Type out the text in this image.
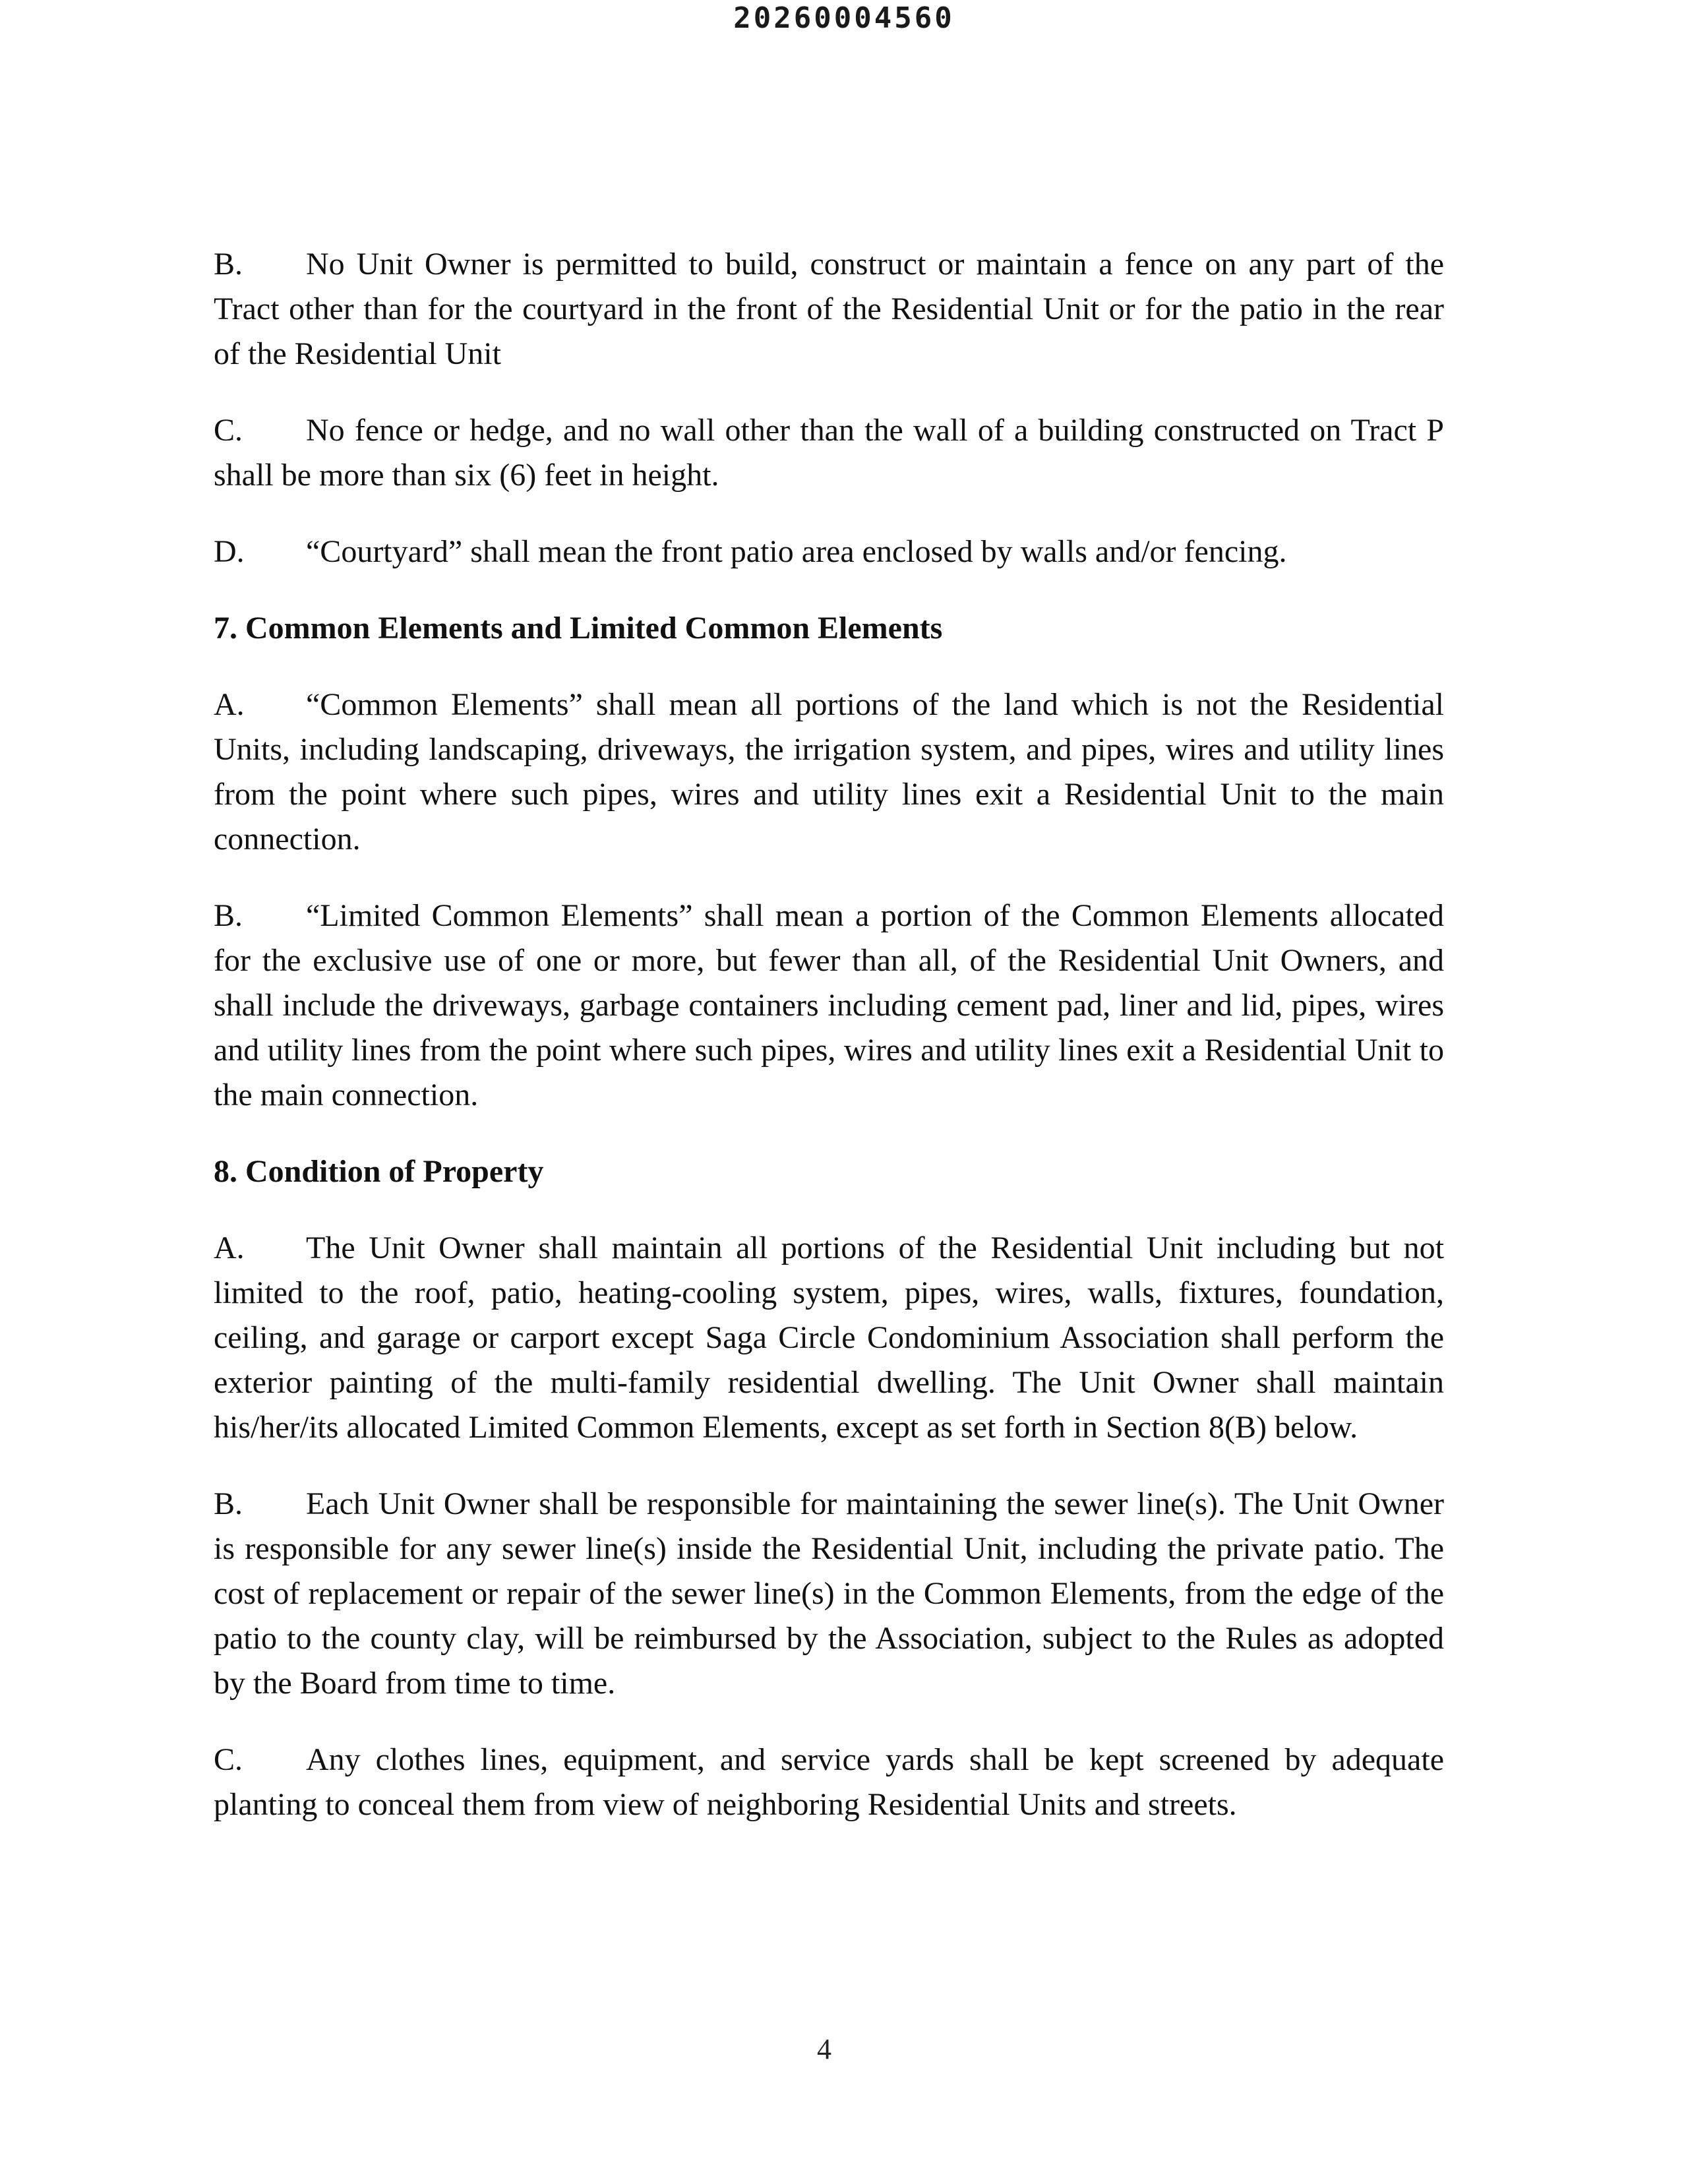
20260004560

B. No Unit Owner is permitted to build, construct or maintain a fence on any part of the Tract other than for the courtyard in the front of the Residential Unit or for the patio in the rear of the Residential Unit

C. No fence or hedge, and no wall other than the wall of a building constructed on Tract P shall be more than six (6) feet in height.

D. “Courtyard” shall mean the front patio area enclosed by walls and/or fencing.

7. Common Elements and Limited Common Elements

A. “Common Elements” shall mean all portions of the land which is not the Residential Units, including landscaping, driveways, the irrigation system, and pipes, wires and utility lines from the point where such pipes, wires and utility lines exit a Residential Unit to the main connection.

B. “Limited Common Elements” shall mean a portion of the Common Elements allocated for the exclusive use of one or more, but fewer than all, of the Residential Unit Owners, and shall include the driveways, garbage containers including cement pad, liner and lid, pipes, wires and utility lines from the point where such pipes, wires and utility lines exit a Residential Unit to the main connection.

8. Condition of Property

A. The Unit Owner shall maintain all portions of the Residential Unit including but not limited to the roof, patio, heating-cooling system, pipes, wires, walls, fixtures, foundation, ceiling, and garage or carport except Saga Circle Condominium Association shall perform the exterior painting of the multi-family residential dwelling. The Unit Owner shall maintain his/her/its allocated Limited Common Elements, except as set forth in Section 8(B) below.

B. Each Unit Owner shall be responsible for maintaining the sewer line(s). The Unit Owner is responsible for any sewer line(s) inside the Residential Unit, including the private patio. The cost of replacement or repair of the sewer line(s) in the Common Elements, from the edge of the patio to the county clay, will be reimbursed by the Association, subject to the Rules as adopted by the Board from time to time.

C. Any clothes lines, equipment, and service yards shall be kept screened by adequate planting to conceal them from view of neighboring Residential Units and streets.

4
